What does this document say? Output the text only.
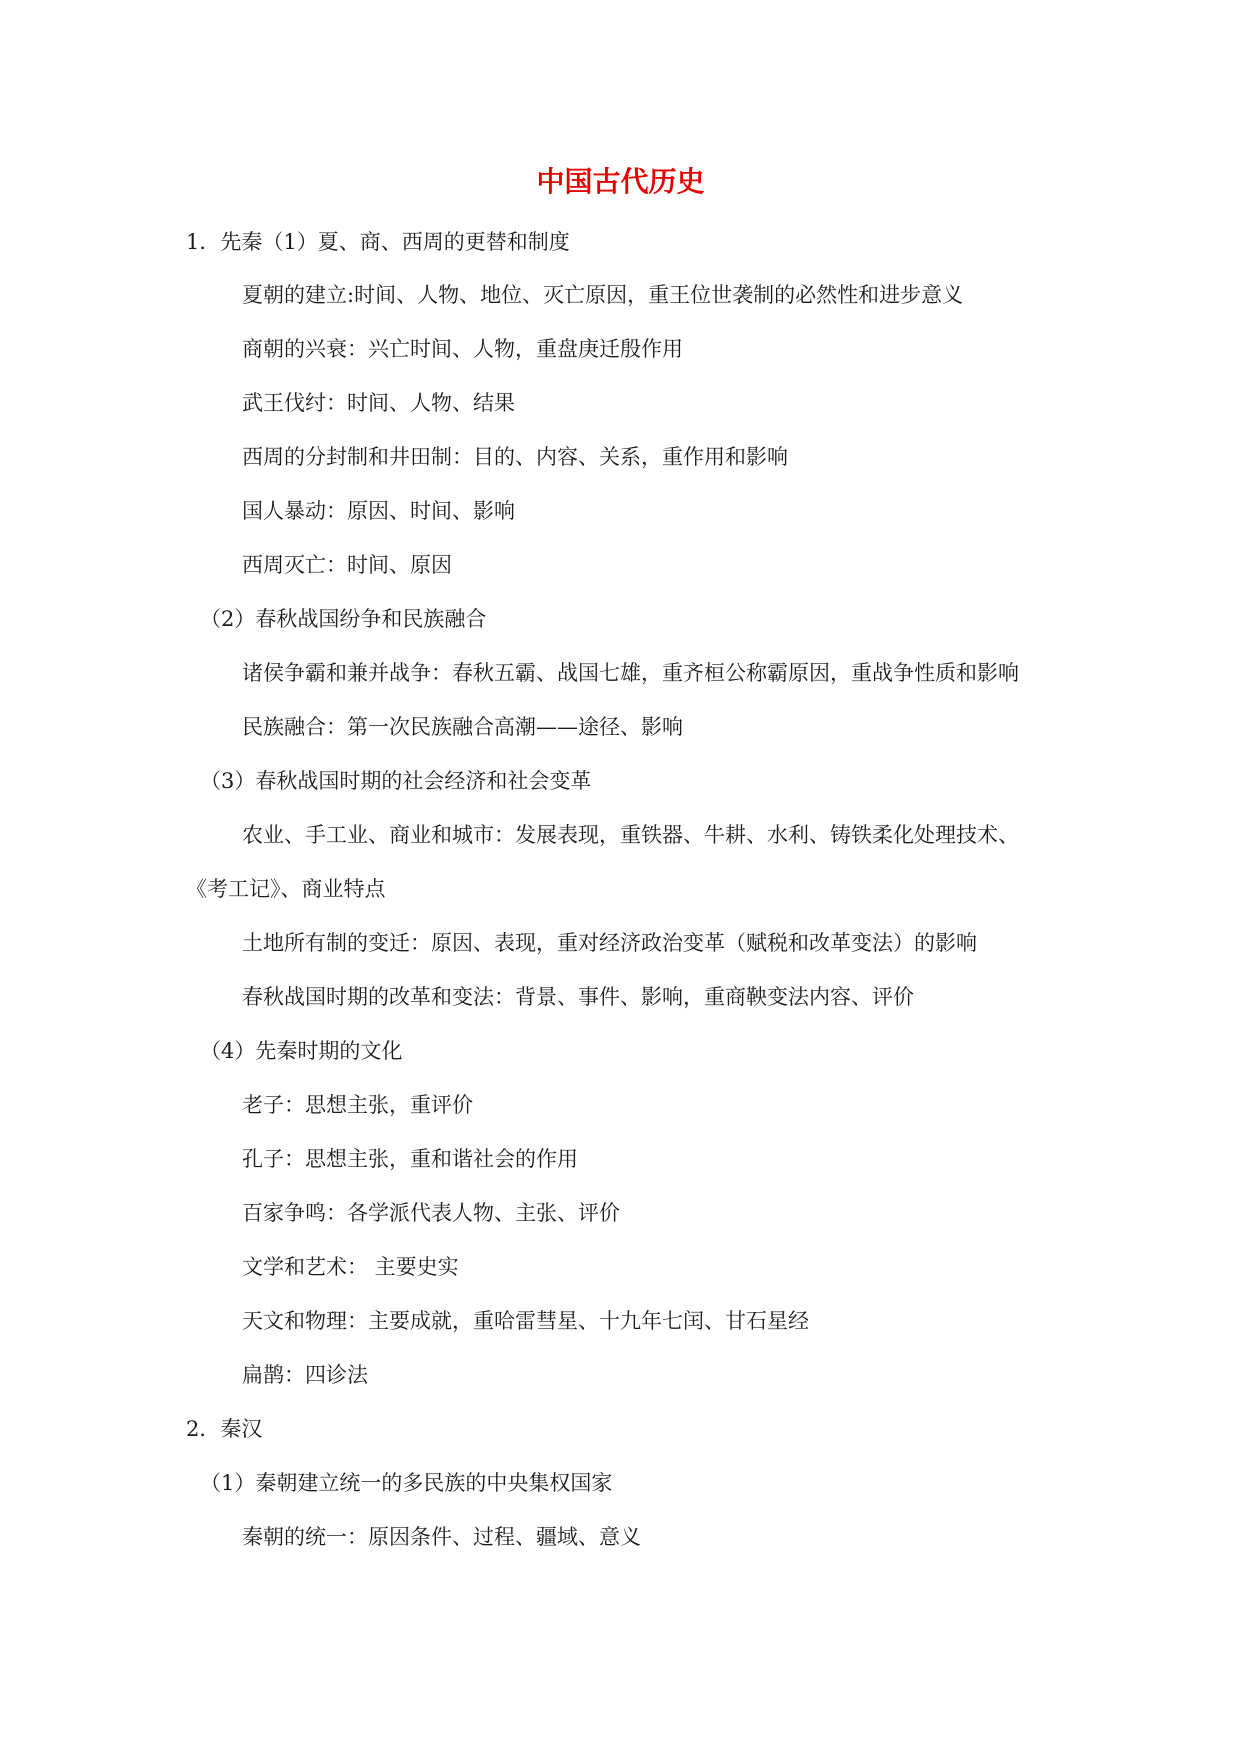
中国古代历史
1．先秦（1）夏、商、西周的更替和制度
夏朝的建立:时间、人物、地位、灭亡原因，重王位世袭制的必然性和进步意义
商朝的兴衰：兴亡时间、人物，重盘庚迁殷作用
武王伐纣：时间、人物、结果
西周的分封制和井田制：目的、内容、关系，重作用和影响
国人暴动：原因、时间、影响
西周灭亡：时间、原因
（2）春秋战国纷争和民族融合
诸侯争霸和兼并战争：春秋五霸、战国七雄，重齐桓公称霸原因，重战争性质和影响
民族融合：第一次民族融合高潮——途径、影响
（3）春秋战国时期的社会经济和社会变革
农业、手工业、商业和城市：发展表现，重铁器、牛耕、水利、铸铁柔化处理技术、
《考工记》、商业特点
土地所有制的变迁：原因、表现，重对经济政治变革（赋税和改革变法）的影响
春秋战国时期的改革和变法：背景、事件、影响，重商鞅变法内容、评价
（4）先秦时期的文化
老子：思想主张，重评价
孔子：思想主张，重和谐社会的作用
百家争鸣：各学派代表人物、主张、评价
文学和艺术： 主要史实
天文和物理：主要成就，重哈雷彗星、十九年七闰、甘石星经
扁鹊：四诊法
2．秦汉
（1）秦朝建立统一的多民族的中央集权国家
秦朝的统一：原因条件、过程、疆域、意义
